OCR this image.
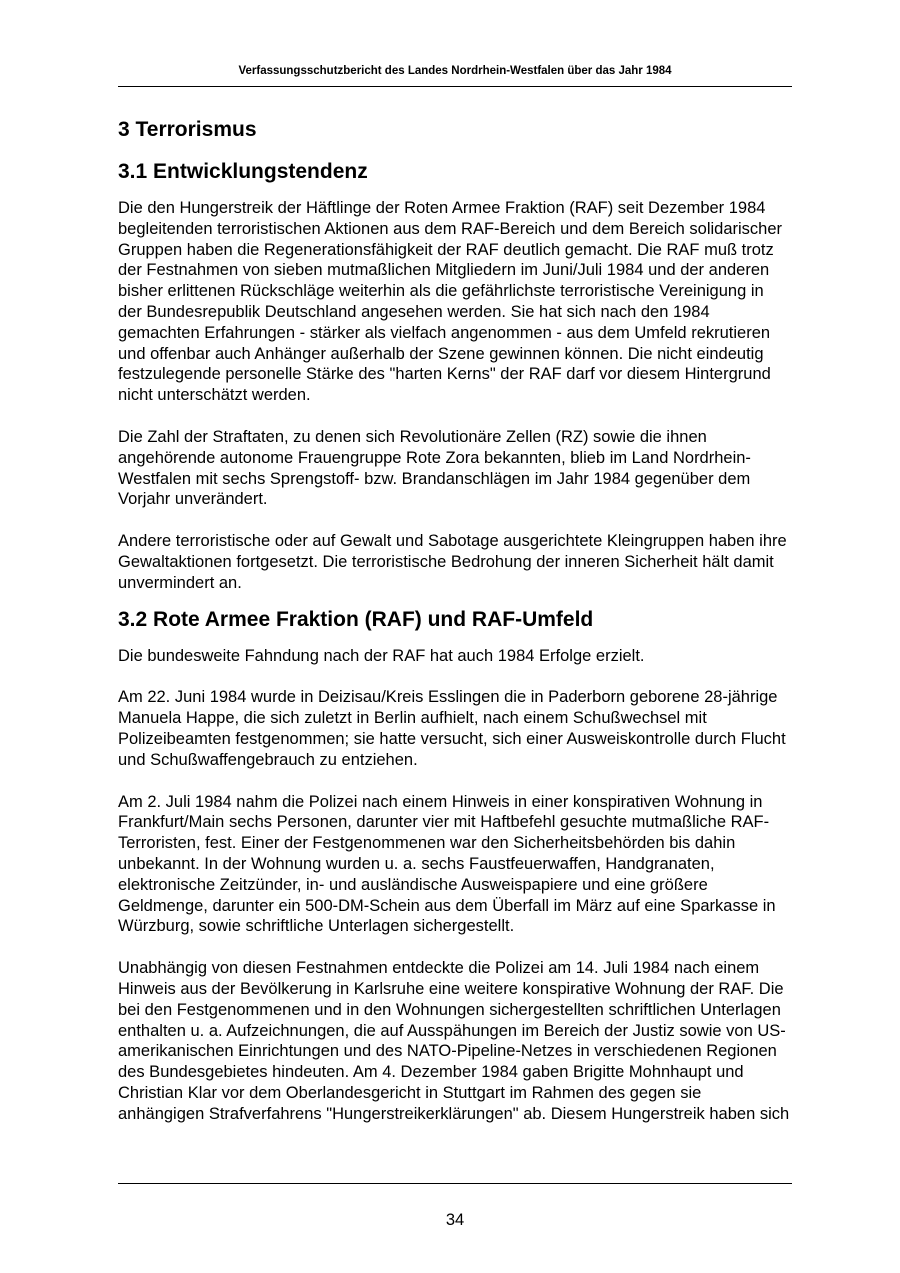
Verfassungsschutzbericht des Landes Nordrhein-Westfalen über das Jahr 1984
3 Terrorismus
3.1 Entwicklungstendenz

Die den Hungerstreik der Häftlinge der Roten Armee Fraktion (RAF) seit Dezember 1984 begleitenden terroristischen Aktionen aus dem RAF-Bereich und dem Bereich solidarischer Gruppen haben die Regenerationsfähigkeit der RAF deutlich gemacht. Die RAF muß trotz der Festnahmen von sieben mutmaßlichen Mitgliedern im Juni/Juli 1984 und der anderen bisher erlittenen Rückschläge weiterhin als die gefährlichste terroristische Vereinigung in der Bundesrepublik Deutschland angesehen werden. Sie hat sich nach den 1984 gemachten Erfahrungen - stärker als vielfach angenommen - aus dem Umfeld rekrutieren und offenbar auch Anhänger außerhalb der Szene gewinnen können. Die nicht eindeutig festzulegende personelle Stärke des "harten Kerns" der RAF darf vor diesem Hintergrund nicht unterschätzt werden.

Die Zahl der Straftaten, zu denen sich Revolutionäre Zellen (RZ) sowie die ihnen angehörende autonome Frauengruppe Rote Zora bekannten, blieb im Land Nordrhein-Westfalen mit sechs Sprengstoff- bzw. Brandanschlägen im Jahr 1984 gegenüber dem Vorjahr unverändert.

Andere terroristische oder auf Gewalt und Sabotage ausgerichtete Kleingruppen haben ihre Gewaltaktionen fortgesetzt. Die terroristische Bedrohung der inneren Sicherheit hält damit unvermindert an.

3.2 Rote Armee Fraktion (RAF) und RAF-Umfeld

Die bundesweite Fahndung nach der RAF hat auch 1984 Erfolge erzielt.

Am 22. Juni 1984 wurde in Deizisau/Kreis Esslingen die in Paderborn geborene 28-jährige Manuela Happe, die sich zuletzt in Berlin aufhielt, nach einem Schußwechsel mit Polizeibeamten festgenommen; sie hatte versucht, sich einer Ausweiskontrolle durch Flucht und Schußwaffengebrauch zu entziehen.

Am 2. Juli 1984 nahm die Polizei nach einem Hinweis in einer konspirativen Wohnung in Frankfurt/Main sechs Personen, darunter vier mit Haftbefehl gesuchte mutmaßliche RAF-Terroristen, fest. Einer der Festgenommenen war den Sicherheitsbehörden bis dahin unbekannt. In der Wohnung wurden u. a. sechs Faustfeuerwaffen, Handgranaten, elektronische Zeitzünder, in- und ausländische Ausweispapiere und eine größere Geldmenge, darunter ein 500-DM-Schein aus dem Überfall im März auf eine Sparkasse in Würzburg, sowie schriftliche Unterlagen sichergestellt.

Unabhängig von diesen Festnahmen entdeckte die Polizei am 14. Juli 1984 nach einem Hinweis aus der Bevölkerung in Karlsruhe eine weitere konspirative Wohnung der RAF. Die bei den Festgenommenen und in den Wohnungen sichergestellten schriftlichen Unterlagen enthalten u. a. Aufzeichnungen, die auf Ausspähungen im Bereich der Justiz sowie von US-amerikanischen Einrichtungen und des NATO-Pipeline-Netzes in verschiedenen Regionen des Bundesgebietes hindeuten. Am 4. Dezember 1984 gaben Brigitte Mohnhaupt und Christian Klar vor dem Oberlandesgericht in Stuttgart im Rahmen des gegen sie anhängigen Strafverfahrens "Hungerstreikerklärungen" ab. Diesem Hungerstreik haben sich

34
